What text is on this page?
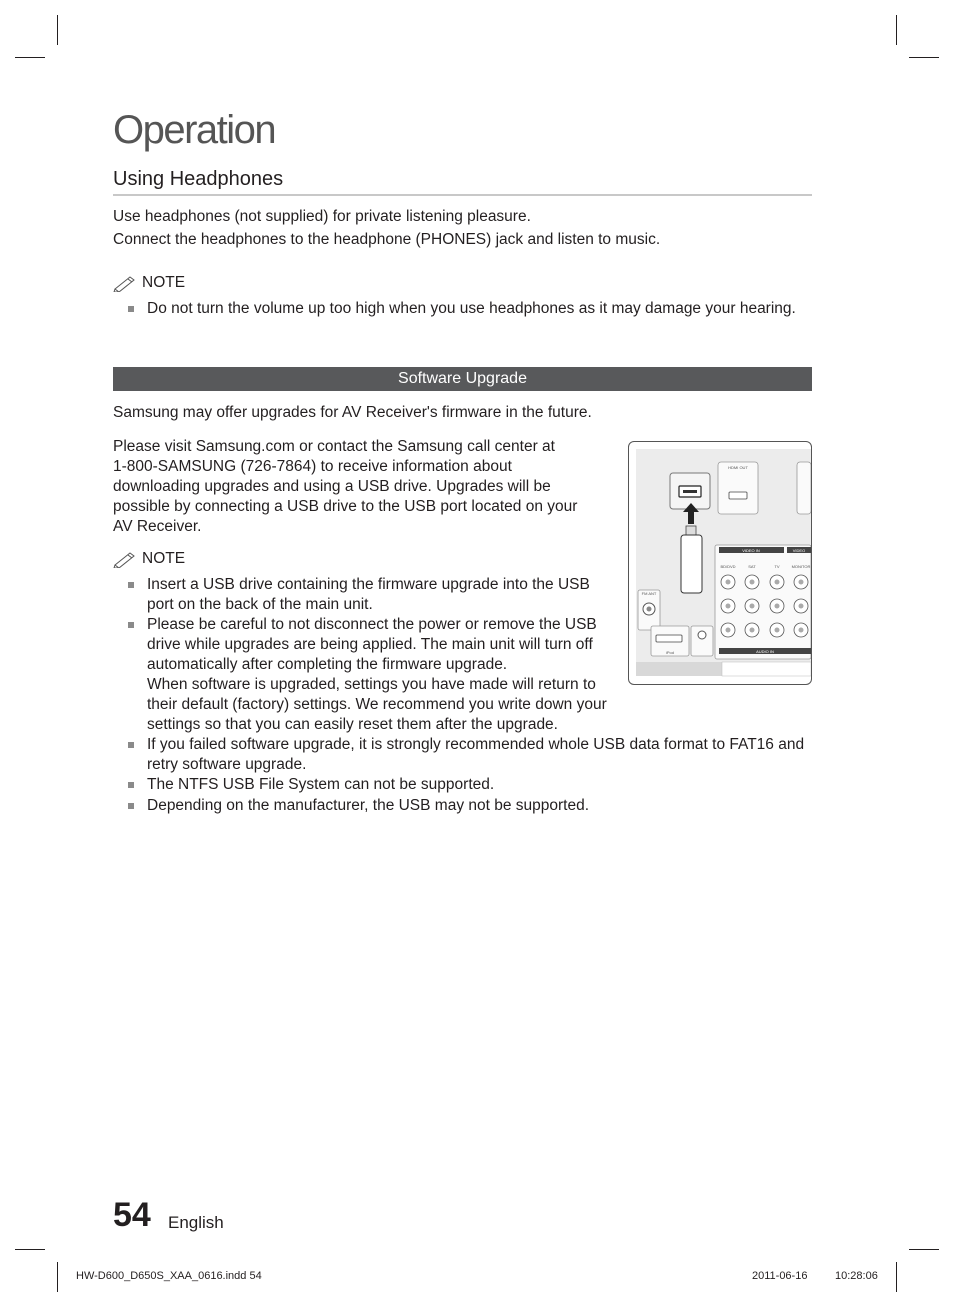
Operation
Using Headphones
Use headphones (not supplied) for private listening pleasure.
Connect the headphones to the headphone (PHONES) jack and listen to music.
NOTE
Do not turn the volume up too high when you use headphones as it may damage your hearing.
Software Upgrade
Samsung may offer upgrades for AV Receiver's firmware in the future.
Please visit Samsung.com or contact the Samsung call center at
1-800-SAMSUNG (726-7864) to receive information about
downloading upgrades and using a USB drive. Upgrades will be
possible by connecting a USB drive to the USB port located on your
AV Receiver.
NOTE
Insert a USB drive containing the firmware upgrade into the USB
port on the back of the main unit.
Please be careful to not disconnect the power or remove the USB
drive while upgrades are being applied. The main unit will turn off
automatically after completing the firmware upgrade.
When software is upgraded, settings you have made will return to
their default (factory) settings. We recommend you write down your
settings so that you can easily reset them after the upgrade.
If you failed software upgrade, it is strongly recommended whole USB data format to FAT16 and
retry software upgrade.
The NTFS USB File System can not be supported.
Depending on the manufacturer, the USB may not be supported.
HDMI OUT
FM ANT
iPod
VIDEO IN	VIDEO
BD/DVD	SAT	TV	MONITOR
AUDIO IN
54 English
HW-D600_D650S_XAA_0616.indd 54	2011-06-16	10:28:06
